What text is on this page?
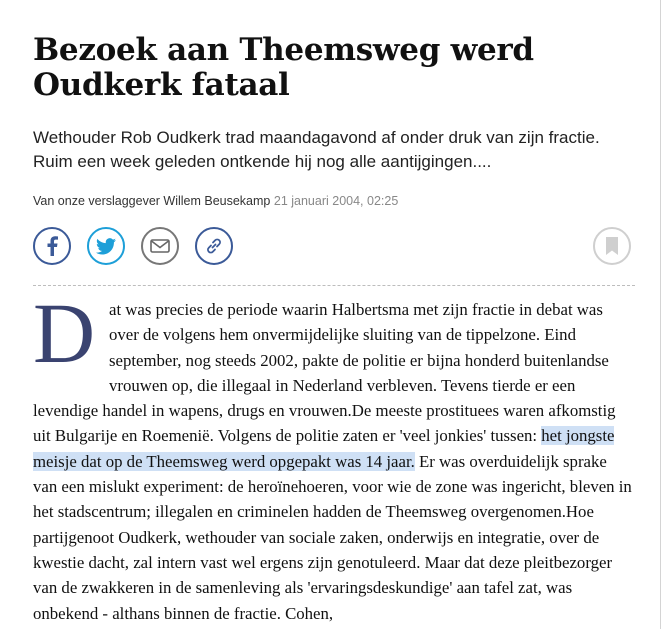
Bezoek aan Theemsweg werd Oudkerk fataal
Wethouder Rob Oudkerk trad maandagavond af onder druk van zijn fractie. Ruim een week geleden ontkende hij nog alle aantijgingen....
Van onze verslaggever Willem Beusekamp 21 januari 2004, 02:25
Dat was precies de periode waarin Halbertsma met zijn fractie in debat was over de volgens hem onvermijdelijke sluiting van de tippelzone. Eind september, nog steeds 2002, pakte de politie er bijna honderd buitenlandse vrouwen op, die illegaal in Nederland verbleven. Tevens tierde er een levendige handel in wapens, drugs en vrouwen.De meeste prostituees waren afkomstig uit Bulgarije en Roemenië. Volgens de politie zaten er 'veel jonkies' tussen: het jongste meisje dat op de Theemsweg werd opgepakt was 14 jaar. Er was overduidelijk sprake van een mislukt experiment: de heroïnehoeren, voor wie de zone was ingericht, bleven in het stadscentrum; illegalen en criminelen hadden de Theemsweg overgenomen.Hoe partijgenoot Oudkerk, wethouder van sociale zaken, onderwijs en integratie, over de kwestie dacht, zal intern vast wel ergens zijn genotuleerd. Maar dat deze pleitbezorger van de zwakkeren in de samenleving als 'ervaringsdeskundige' aan tafel zat, was onbekend - althans binnen de fractie. Cohen,
